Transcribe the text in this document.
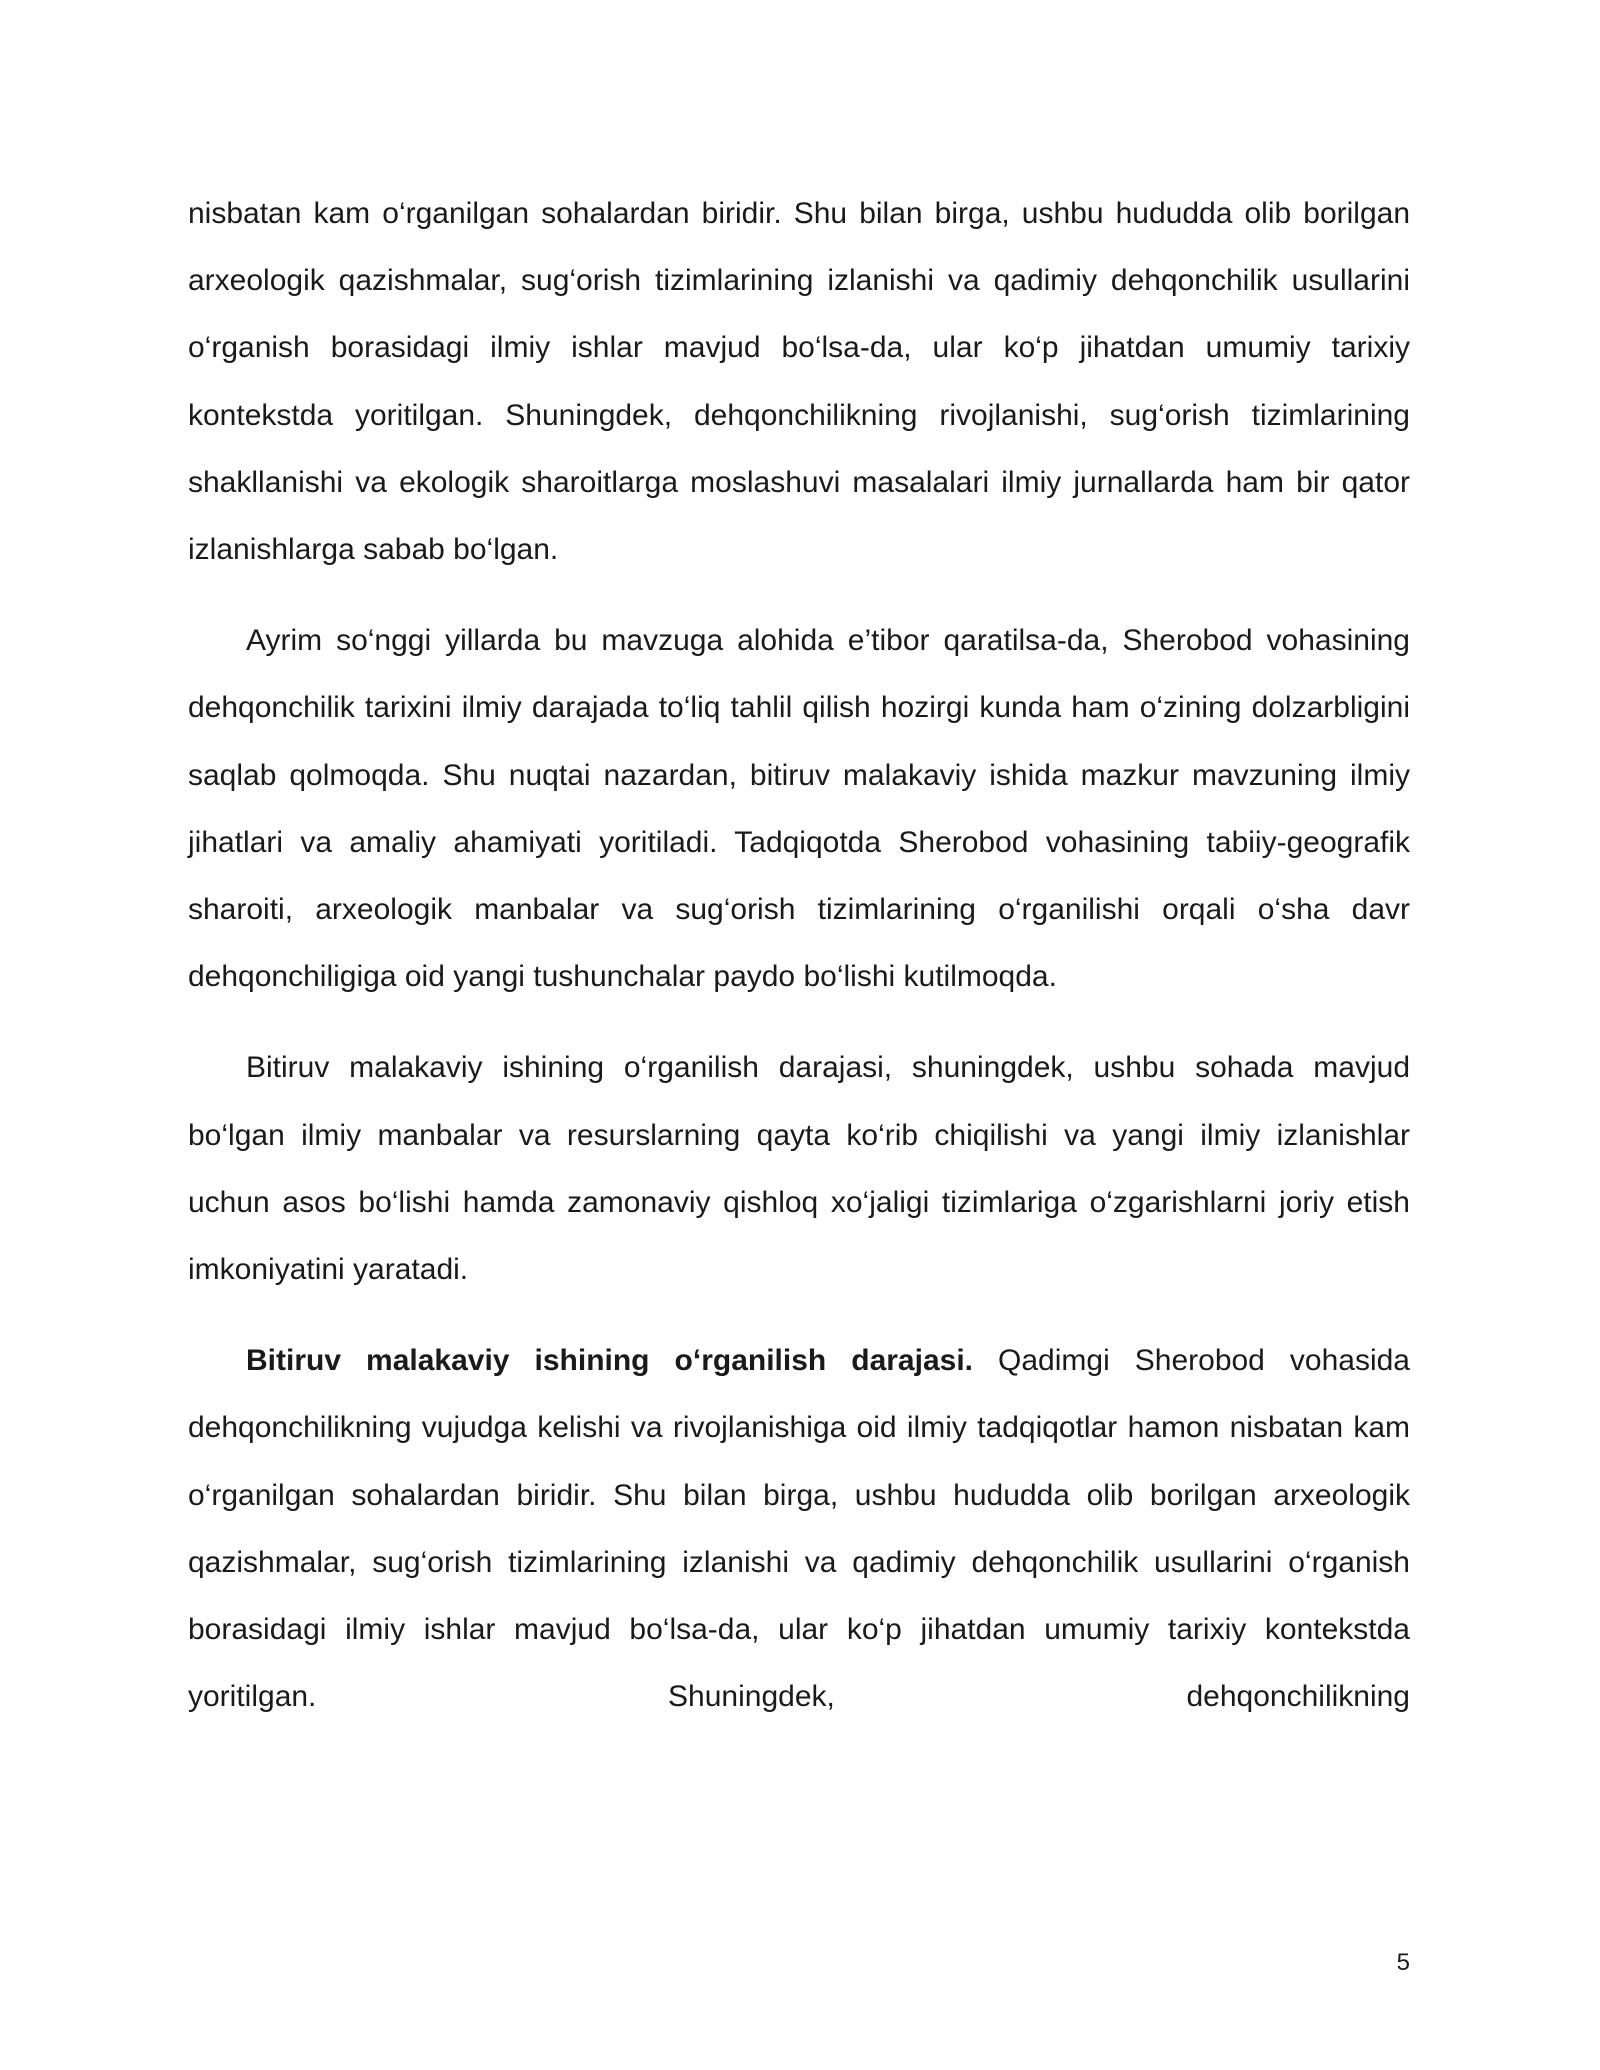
nisbatan kam o‘rganilgan sohalardan biridir. Shu bilan birga, ushbu hududda olib borilgan arxeologik qazishmalar, sug‘orish tizimlarining izlanishi va qadimiy dehqonchilik usullarini o‘rganish borasidagi ilmiy ishlar mavjud bo‘lsa-da, ular ko‘p jihatdan umumiy tarixiy kontekstda yoritilgan. Shuningdek, dehqonchilikning rivojlanishi, sug‘orish tizimlarining shakllanishi va ekologik sharoitlarga moslashuvi masalalari ilmiy jurnallarda ham bir qator izlanishlarga sabab bo‘lgan.

Ayrim so‘nggi yillarda bu mavzuga alohida e’tibor qaratilsa-da, Sherobod vohasining dehqonchilik tarixini ilmiy darajada to‘liq tahlil qilish hozirgi kunda ham o‘zining dolzarbligini saqlab qolmoqda. Shu nuqtai nazardan, bitiruv malakaviy ishida mazkur mavzuning ilmiy jihatlari va amaliy ahamiyati yoritiladi. Tadqiqotda Sherobod vohasining tabiiy-geografik sharoiti, arxeologik manbalar va sug‘orish tizimlarining o‘rganilishi orqali o‘sha davr dehqonchiligiga oid yangi tushunchalar paydo bo‘lishi kutilmoqda.

Bitiruv malakaviy ishining o‘rganilish darajasi, shuningdek, ushbu sohada mavjud bo‘lgan ilmiy manbalar va resurslarning qayta ko‘rib chiqilishi va yangi ilmiy izlanishlar uchun asos bo‘lishi hamda zamonaviy qishloq xo‘jaligi tizimlariga o‘zgarishlarni joriy etish imkoniyatini yaratadi.

Bitiruv malakaviy ishining o‘rganilish darajasi. Qadimgi Sherobod vohasida dehqonchilikning vujudga kelishi va rivojlanishiga oid ilmiy tadqiqotlar hamon nisbatan kam o‘rganilgan sohalardan biridir. Shu bilan birga, ushbu hududda olib borilgan arxeologik qazishmalar, sug‘orish tizimlarining izlanishi va qadimiy dehqonchilik usullarini o‘rganish borasidagi ilmiy ishlar mavjud bo‘lsa-da, ular ko‘p jihatdan umumiy tarixiy kontekstda yoritilgan. Shuningdek, dehqonchilikning

5
